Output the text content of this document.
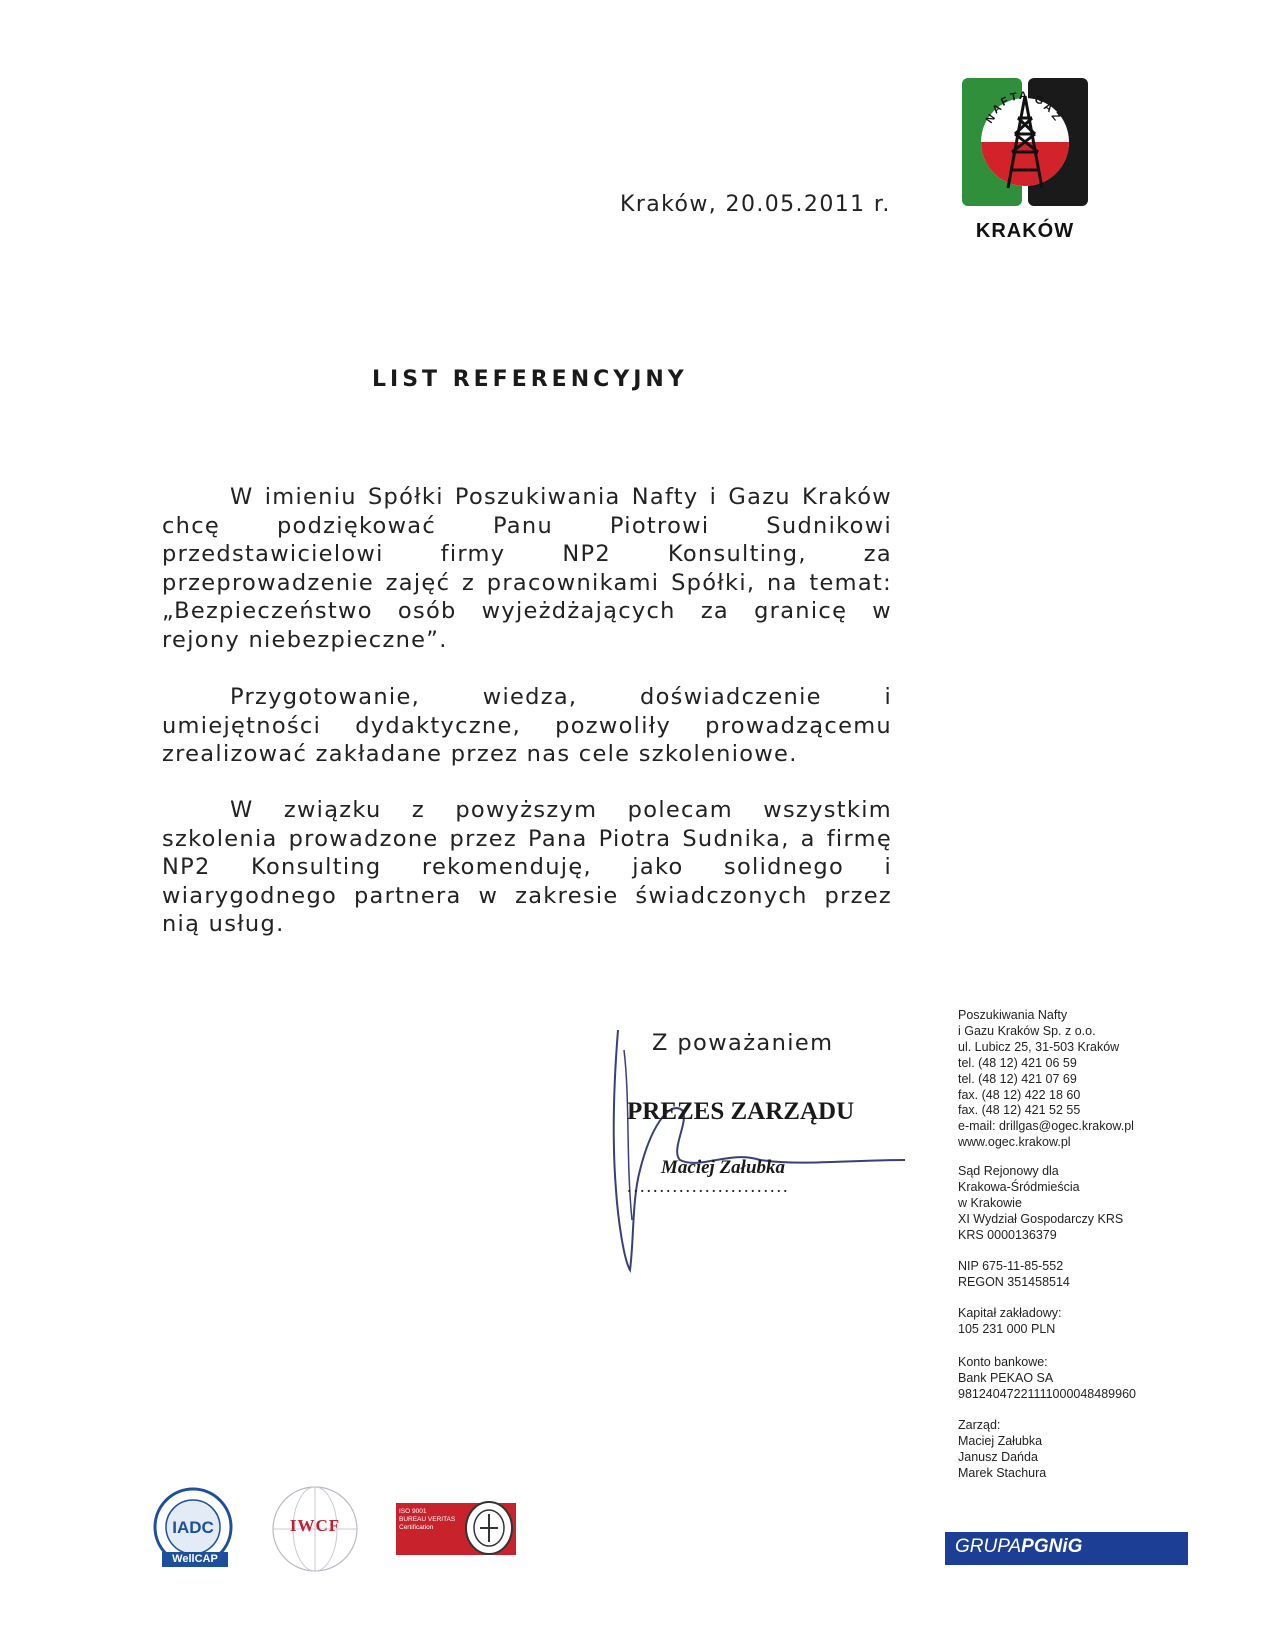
N
A
F T A G
A
Z
KRAKÓW
Kraków, 20.05.2011 r.
LIST REFERENCYJNY

W imieniu Spółki Poszukiwania Nafty i Gazu Kraków chcę podziękować Panu Piotrowi Sudnikowi przedstawicielowi firmy NP2 Konsulting, za przeprowadzenie zajęć z pracownikami Spółki, na temat: „Bezpieczeństwo osób wyjeżdżających za granicę w rejony niebezpieczne”.

Przygotowanie, wiedza, doświadczenie i umiejętności dydaktyczne, pozwoliły prowadzącemu zrealizować zakładane przez nas cele szkoleniowe.

W związku z powyższym polecam wszystkim szkolenia prowadzone przez Pana Piotra Sudnika, a firmę NP2 Konsulting rekomenduję, jako solidnego i wiarygodnego partnera w zakresie świadczonych przez nią usług.

Z poważaniem
PREZES ZARZĄDU
Maciej Załubka
.........................
Poszukiwania Nafty
i Gazu Kraków Sp. z o.o.
ul. Lubicz 25, 31-503 Kraków
tel. (48 12) 421 06 59
tel. (48 12) 421 07 69
fax. (48 12) 422 18 60
fax. (48 12) 421 52 55
e-mail: drillgas@ogec.krakow.pl
www.ogec.krakow.pl
Sąd Rejonowy dla
Krakowa-Śródmieścia
w Krakowie
XI Wydział Gospodarczy KRS
KRS 0000136379
NIP 675-11-85-552
REGON 351458514
Kapitał zakładowy:
105 231 000 PLN
Konto bankowe:
Bank PEKAO SA
98124047221111000048489960
Zarząd:
Maciej Załubka
Janusz Dańda
Marek Stachura
IADC
WellCAP
IWCF
ISO 9001
BUREAU VERITAS
Certification
GRUPAPGNiG
